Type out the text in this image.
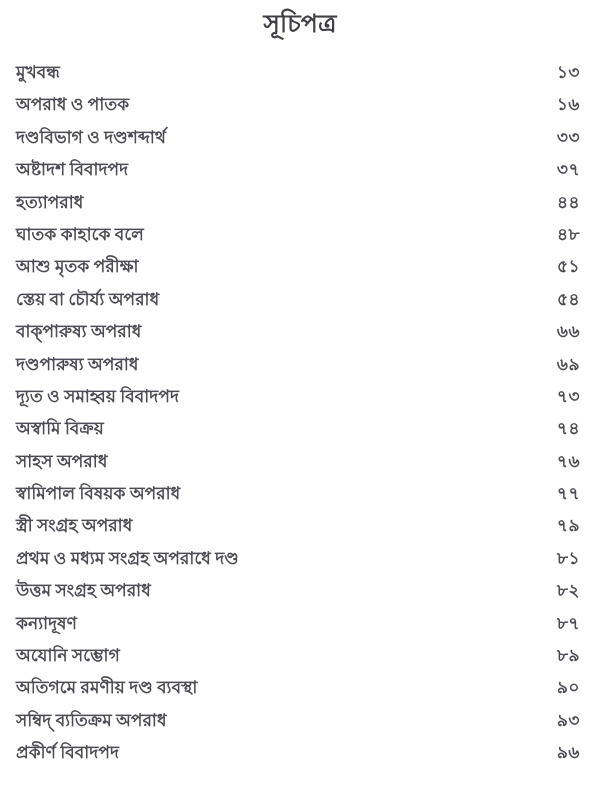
সূচিপত্র
মুখবন্ধ	১৩
অপরাধ ও পাতক	১৬
দণ্ডবিভাগ ও দণ্ডশব্দার্থ	৩৩
অষ্টাদশ বিবাদপদ	৩৭
হত্যাপরাধ	৪৪
ঘাতক কাহাকে বলে	৪৮
আশু মৃতক পরীক্ষা	৫১
স্তেয় বা চৌর্য্য অপরাধ	৫৪
বাক্পারুষ্য অপরাধ	৬৬
দণ্ডপারুষ্য অপরাধ	৬৯
দ্যূত ও সমাহ্বয় বিবাদপদ	৭৩
অস্বামি বিক্রয়	৭৪
সাহস অপরাধ	৭৬
স্বামিপাল বিষয়ক অপরাধ	৭৭
স্ত্রী সংগ্রহ অপরাধ	৭৯
প্রথম ও মধ্যম সংগ্রহ অপরাধে দণ্ড	৮১
উত্তম সংগ্রহ অপরাধ	৮২
কন্যাদূষণ	৮৭
অযোনি সম্ভোগ	৮৯
অতিগমে রমণীয় দণ্ড ব্যবস্থা	৯০
সম্বিদ্ ব্যতিক্রম অপরাধ	৯৩
প্রকীর্ণ বিবাদপদ	৯৬
